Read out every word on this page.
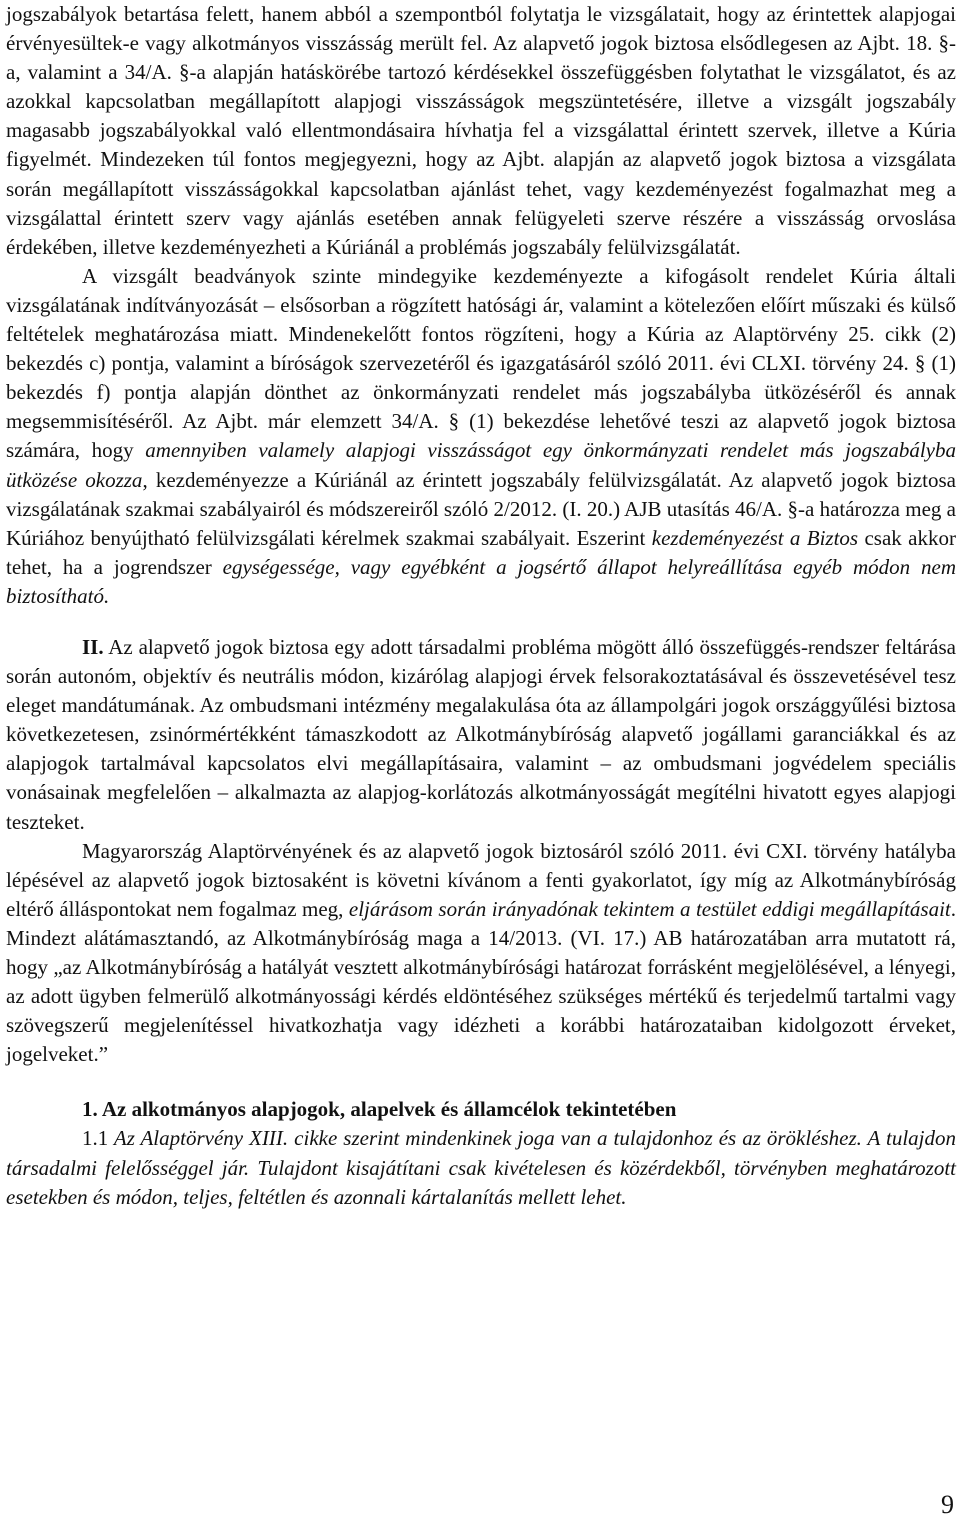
jogszabályok betartása felett, hanem abból a szempontból folytatja le vizsgálatait, hogy az érintettek alapjogai érvényesültek-e vagy alkotmányos visszásság merült fel. Az alapvető jogok biztosa elsődlegesen az Ajbt. 18. §-a, valamint a 34/A. §-a alapján hatáskörébe tartozó kérdésekkel összefüggésben folytathat le vizsgálatot, és az azokkal kapcsolatban megállapított alapjogi visszásságok megszüntetésére, illetve a vizsgált jogszabály magasabb jogszabályokkal való ellentmondásaira hívhatja fel a vizsgálattal érintett szervek, illetve a Kúria figyelmét. Mindezeken túl fontos megjegyezni, hogy az Ajbt. alapján az alapvető jogok biztosa a vizsgálata során megállapított visszásságokkal kapcsolatban ajánlást tehet, vagy kezdeményezést fogalmazhat meg a vizsgálattal érintett szerv vagy ajánlás esetében annak felügyeleti szerve részére a visszásság orvoslása érdekében, illetve kezdeményezheti a Kúriánál a problémás jogszabály felülvizsgálatát.

A vizsgált beadványok szinte mindegyike kezdeményezte a kifogásolt rendelet Kúria általi vizsgálatának indítványozását – elsősorban a rögzített hatósági ár, valamint a kötelezően előírt műszaki és külső feltételek meghatározása miatt. Mindenekelőtt fontos rögzíteni, hogy a Kúria az Alaptörvény 25. cikk (2) bekezdés c) pontja, valamint a bíróságok szervezetéről és igazgatásáról szóló 2011. évi CLXI. törvény 24. § (1) bekezdés f) pontja alapján dönthet az önkormányzati rendelet más jogszabályba ütközéséről és annak megsemmisítéséről. Az Ajbt. már elemzett 34/A. § (1) bekezdése lehetővé teszi az alapvető jogok biztosa számára, hogy amennyiben valamely alapjogi visszásságot egy önkormányzati rendelet más jogszabályba ütközése okozza, kezdeményezze a Kúriánál az érintett jogszabály felülvizsgálatát. Az alapvető jogok biztosa vizsgálatának szakmai szabályairól és módszereiről szóló 2/2012. (I. 20.) AJB utasítás 46/A. §-a határozza meg a Kúriához benyújtható felülvizsgálati kérelmek szakmai szabályait. Eszerint kezdeményezést a Biztos csak akkor tehet, ha a jogrendszer egységessége, vagy egyébként a jogsértő állapot helyreállítása egyéb módon nem biztosítható.

II. Az alapvető jogok biztosa egy adott társadalmi probléma mögött álló összefüggés-rendszer feltárása során autonóm, objektív és neutrális módon, kizárólag alapjogi érvek felsorakoztatásával és összevetésével tesz eleget mandátumának. Az ombudsmani intézmény megalakulása óta az állampolgári jogok országgyűlési biztosa következetesen, zsinórmértékként támaszkodott az Alkotmánybíróság alapvető jogállami garanciákkal és az alapjogok tartalmával kapcsolatos elvi megállapításaira, valamint – az ombudsmani jogvédelem speciális vonásainak megfelelően – alkalmazta az alapjog-korlátozás alkotmányosságát megítélni hivatott egyes alapjogi teszteket.

Magyarország Alaptörvényének és az alapvető jogok biztosáról szóló 2011. évi CXI. törvény hatályba lépésével az alapvető jogok biztosaként is követni kívánom a fenti gyakorlatot, így míg az Alkotmánybíróság eltérő álláspontokat nem fogalmaz meg, eljárásom során irányadónak tekintem a testület eddigi megállapításait. Mindezt alátámasztandó, az Alkotmánybíróság maga a 14/2013. (VI. 17.) AB határozatában arra mutatott rá, hogy „az Alkotmánybíróság a hatályát vesztett alkotmánybírósági határozat forrásként megjelölésével, a lényegi, az adott ügyben felmerülő alkotmányossági kérdés eldöntéséhez szükséges mértékű és terjedelmű tartalmi vagy szövegszerű megjelenítéssel hivatkozhatja vagy idézheti a korábbi határozataiban kidolgozott érveket, jogelveket.”

1. Az alkotmányos alapjogok, alapelvek és államcélok tekintetében

1.1 Az Alaptörvény XIII. cikke szerint mindenkinek joga van a tulajdonhoz és az örökléshez. A tulajdon társadalmi felelősséggel jár. Tulajdont kisajátítani csak kivételesen és közérdekből, törvényben meghatározott esetekben és módon, teljes, feltétlen és azonnali kártalanítás mellett lehet.

9
